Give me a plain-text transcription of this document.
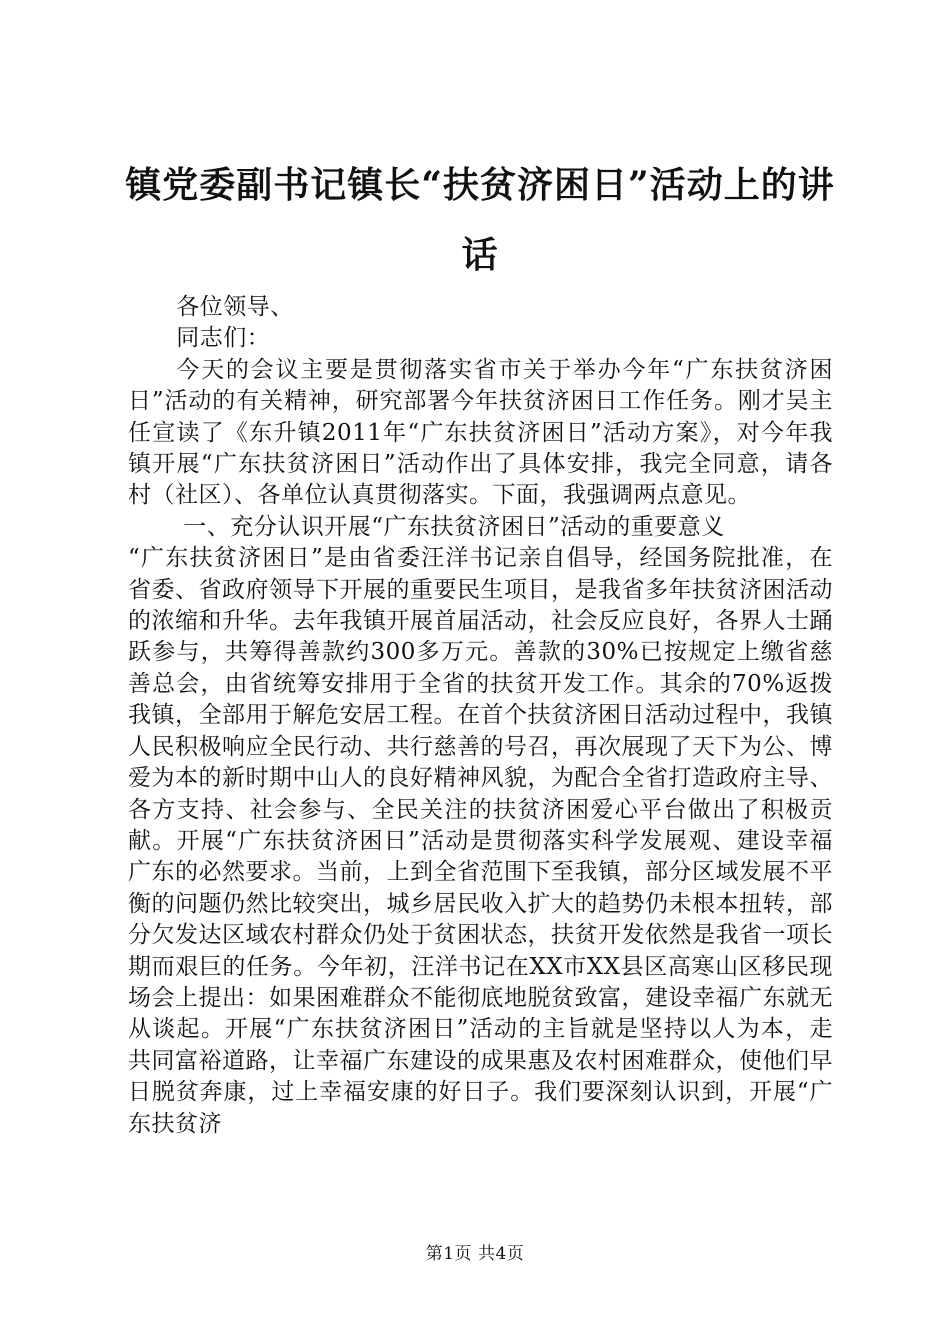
镇党委副书记镇长“扶贫济困日”活动上的讲话

各位领导、

同志们：

今天的会议主要是贯彻落实省市关于举办今年“广东扶贫济困日”活动的有关精神，研究部署今年扶贫济困日工作任务。刚才吴主任宣读了《东升镇2011年“广东扶贫济困日”活动方案》，对今年我镇开展“广东扶贫济困日”活动作出了具体安排，我完全同意，请各村（社区）、各单位认真贯彻落实。下面，我强调两点意见。

一、充分认识开展“广东扶贫济困日”活动的重要意义

“广东扶贫济困日”是由省委汪洋书记亲自倡导，经国务院批准，在省委、省政府领导下开展的重要民生项目，是我省多年扶贫济困活动的浓缩和升华。去年我镇开展首届活动，社会反应良好，各界人士踊跃参与，共筹得善款约300多万元。善款的30%已按规定上缴省慈善总会，由省统筹安排用于全省的扶贫开发工作。其余的70%返拨我镇，全部用于解危安居工程。在首个扶贫济困日活动过程中，我镇人民积极响应全民行动、共行慈善的号召，再次展现了天下为公、博爱为本的新时期中山人的良好精神风貌，为配合全省打造政府主导、各方支持、社会参与、全民关注的扶贫济困爱心平台做出了积极贡献。开展“广东扶贫济困日”活动是贯彻落实科学发展观、建设幸福广东的必然要求。当前，上到全省范围下至我镇，部分区域发展不平衡的问题仍然比较突出，城乡居民收入扩大的趋势仍未根本扭转，部分欠发达区域农村群众仍处于贫困状态，扶贫开发依然是我省一项长期而艰巨的任务。今年初，汪洋书记在XX市XX县区高寒山区移民现场会上提出：如果困难群众不能彻底地脱贫致富，建设幸福广东就无从谈起。开展“广东扶贫济困日”活动的主旨就是坚持以人为本，走共同富裕道路，让幸福广东建设的成果惠及农村困难群众，使他们早日脱贫奔康，过上幸福安康的好日子。我们要深刻认识到，开展“广东扶贫济

第1页 共4页
